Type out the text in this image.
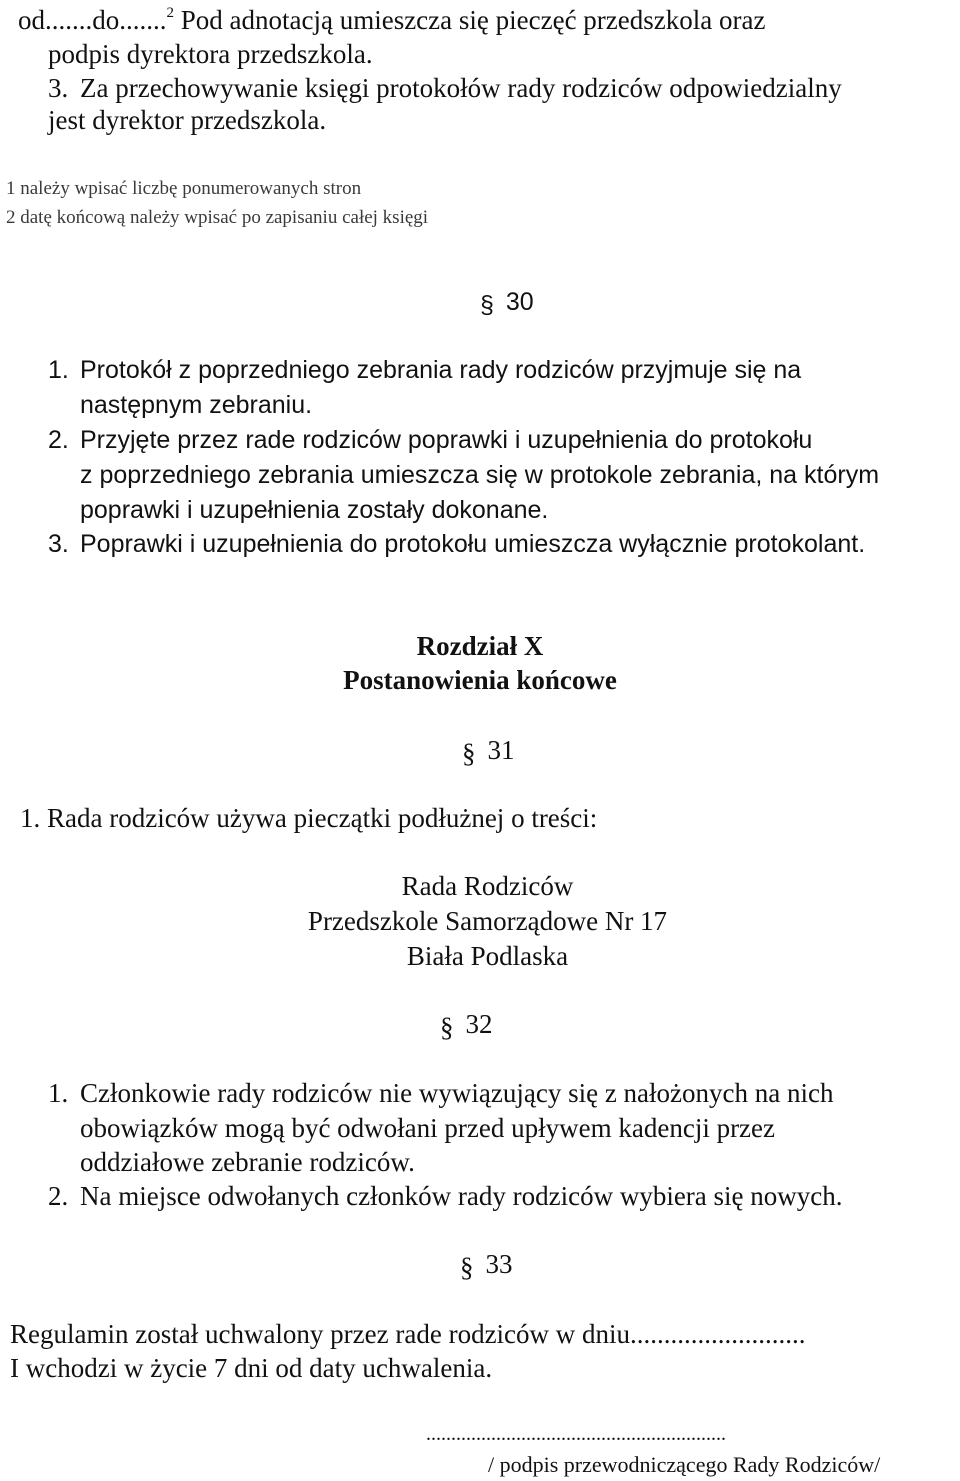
od.......do.......$^2$ Pod adnotacją umieszcza się pieczęć przedszkola oraz
podpis dyrektora przedszkola.
3. Za przechowywanie księgi protokołów rady rodziców odpowiedzialny
jest dyrektor przedszkola.
1 należy wpisać liczbę ponumerowanych stron
2 datę końcową należy wpisać po zapisaniu całej księgi
§ 30
1. Protokół z poprzedniego zebrania rady rodziców przyjmuje się na
następnym zebraniu.
2. Przyjęte przez rade rodziców poprawki i uzupełnienia do protokołu
z poprzedniego zebrania umieszcza się w protokole zebrania, na którym
poprawki i uzupełnienia zostały dokonane.
3. Poprawki i uzupełnienia do protokołu umieszcza wyłącznie protokolant.
Rozdział X
Postanowienia końcowe
§ 31
1. Rada rodziców używa pieczątki podłużnej o treści:
Rada Rodziców
Przedszkole Samorządowe Nr 17
Biała Podlaska
§ 32
1. Członkowie rady rodziców nie wywiązujący się z nałożonych na nich
obowiązków mogą być odwołani przed upływem kadencji przez
oddziałowe zebranie rodziców.
2. Na miejsce odwołanych członków rady rodziców wybiera się nowych.
§ 33
Regulamin został uchwalony przez rade rodziców w dniu..........................
I wchodzi w życie 7 dni od daty uchwalenia.
............................................................
/ podpis przewodniczącego Rady Rodziców/
